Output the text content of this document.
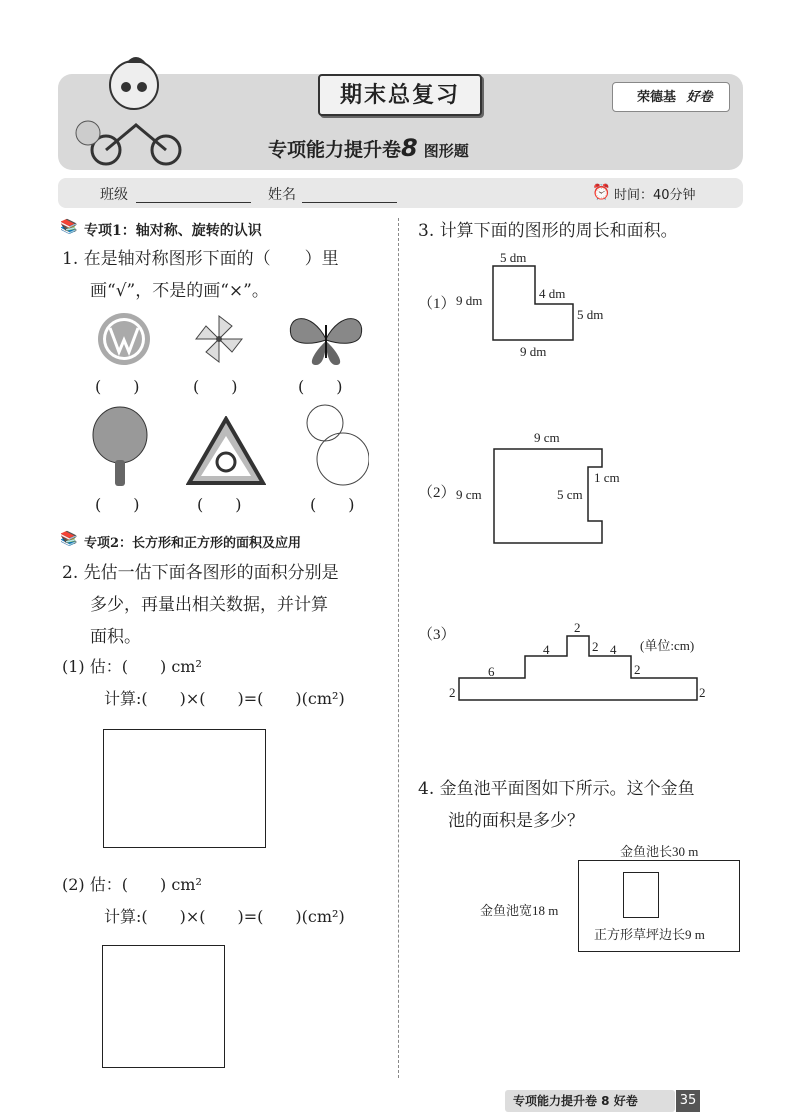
期末总复习	荣德基 好卷
专项能力提升卷8 图形题
班级	姓名	⏰ 时间：40分钟
📚 专项1：轴对称、旋转的认识
1. 在是轴对称图形下面的（　　）里
画“√”，不是的画“×”。
(　　)	(　　)	(　　)
(　　)	(　　)	(　　)
📚 专项2：长方形和正方形的面积及应用
2. 先估一估下面各图形的面积分别是
多少，再量出相关数据，并计算
面积。
(1) 估：(　　) cm²
计算:(　　)×(　　)=(　　)(cm²)
(2) 估：(　　) cm²
计算:(　　)×(　　)=(　　)(cm²)
3. 计算下面的图形的周长和面积。
（1）
5 dm
9 dm	4 dm
5 dm
9 dm
（2）
9 cm
9 cm	5 cm
1 cm
（3）
(单位:cm)
2
6
4
2
2 4
2
2
4. 金鱼池平面图如下所示。这个金鱼
池的面积是多少？
金鱼池长30 m
金鱼池宽18 m
正方形草坪边长9 m
专项能力提升卷 8 好卷	35
